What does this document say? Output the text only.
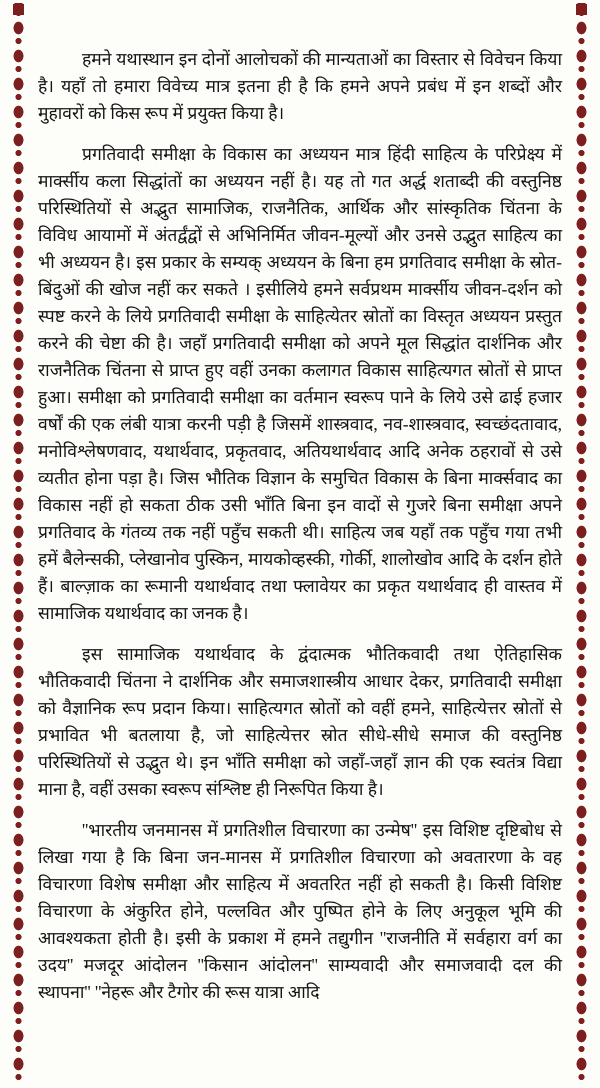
हमने यथास्थान इन दोनों आलोचकों की मान्यताओं का विस्तार से विवेचन किया है। यहाँ तो हमारा विवेच्य मात्र इतना ही है कि हमने अपने प्रबंध में इन शब्दों और मुहावरों को किस रूप में प्रयुक्त किया है।

प्रगतिवादी समीक्षा के विकास का अध्ययन मात्र हिंदी साहित्य के परिप्रेक्ष्य में मार्क्सीय कला सिद्धांतों का अध्ययन नहीं है। यह तो गत अर्द्ध शताब्दी की वस्तुनिष्ठ परिस्थितियों से अद्भुत सामाजिक, राजनैतिक, आर्थिक और सांस्कृतिक चिंतना के विविध आयामों में अंतर्द्वंद्वों से अभिनिर्मित जीवन-मूल्यों और उनसे उद्भुत साहित्य का भी अध्ययन है। इस प्रकार के सम्यक् अध्ययन के बिना हम प्रगतिवाद समीक्षा के स्रोत-बिंदुओं की खोज नहीं कर सकते । इसीलिये हमने सर्वप्रथम मार्क्सीय जीवन-दर्शन को स्पष्ट करने के लिये प्रगतिवादी समीक्षा के साहित्येतर स्रोतों का विस्तृत अध्ययन प्रस्तुत करने की चेष्टा की है। जहाँ प्रगतिवादी समीक्षा को अपने मूल सिद्धांत दार्शनिक और राजनैतिक चिंतना से प्राप्त हुए वहीं उनका कलागत विकास साहित्यगत स्रोतों से प्राप्त हुआ। समीक्षा को प्रगतिवादी समीक्षा का वर्तमान स्वरूप पाने के लिये उसे ढाई हजार वर्षों की एक लंबी यात्रा करनी पड़ी है जिसमें शास्त्रवाद, नव-शास्त्रवाद, स्वच्छंदतावाद, मनोविश्लेषणवाद, यथार्थवाद, प्रकृतवाद, अतियथार्थवाद आदि अनेक ठहरावों से उसे व्यतीत होना पड़ा है। जिस भौतिक विज्ञान के समुचित विकास के बिना मार्क्सवाद का विकास नहीं हो सकता ठीक उसी भाँति बिना इन वादों से गुजरे बिना समीक्षा अपने प्रगतिवाद के गंतव्य तक नहीं पहुँच सकती थी। साहित्य जब यहाँ तक पहुँच गया तभी हमें बैलेन्सकी, प्लेखानोव पुस्किन, मायकोव्हस्की, गोर्की, शालोखोव आदि के दर्शन होते हैं। बाल्ज़ाक का रूमानी यथार्थवाद तथा फ्लावेयर का प्रकृत यथार्थवाद ही वास्तव में सामाजिक यथार्थवाद का जनक है।

इस सामाजिक यथार्थवाद के द्वंदात्मक भौतिकवादी तथा ऐतिहासिक भौतिकवादी चिंतना ने दार्शनिक और समाजशास्त्रीय आधार देकर, प्रगतिवादी समीक्षा को वैज्ञानिक रूप प्रदान किया। साहित्यगत स्रोतों को वहीं हमने, साहित्येत्तर स्रोतों से प्रभावित भी बतलाया है, जो साहित्येत्तर स्रोत सीधे-सीधे समाज की वस्तुनिष्ठ परिस्थितियों से उद्भुत थे। इन भाँति समीक्षा को जहाँ-जहाँ ज्ञान की एक स्वतंत्र विद्या माना है, वहीं उसका स्वरूप संश्लिष्ट ही निरूपित किया है।

''भारतीय जनमानस में प्रगतिशील विचारणा का उन्मेष'' इस विशिष्ट दृष्टिबोध से लिखा गया है कि बिना जन-मानस में प्रगतिशील विचारणा को अवतारणा के वह विचारणा विशेष समीक्षा और साहित्य में अवतरित नहीं हो सकती है। किसी विशिष्ट विचारणा के अंकुरित होने, पल्लवित और पुष्पित होने के लिए अनुकूल भूमि की आवश्यकता होती है। इसी के प्रकाश में हमने तद्युगीन ''राजनीति में सर्वहारा वर्ग का उदय'' मजदूर आंदोलन ''किसान आंदोलन'' साम्यवादी और समाजवादी दल की स्थापना'' ''नेहरू और टैगोर की रूस यात्रा आदि
